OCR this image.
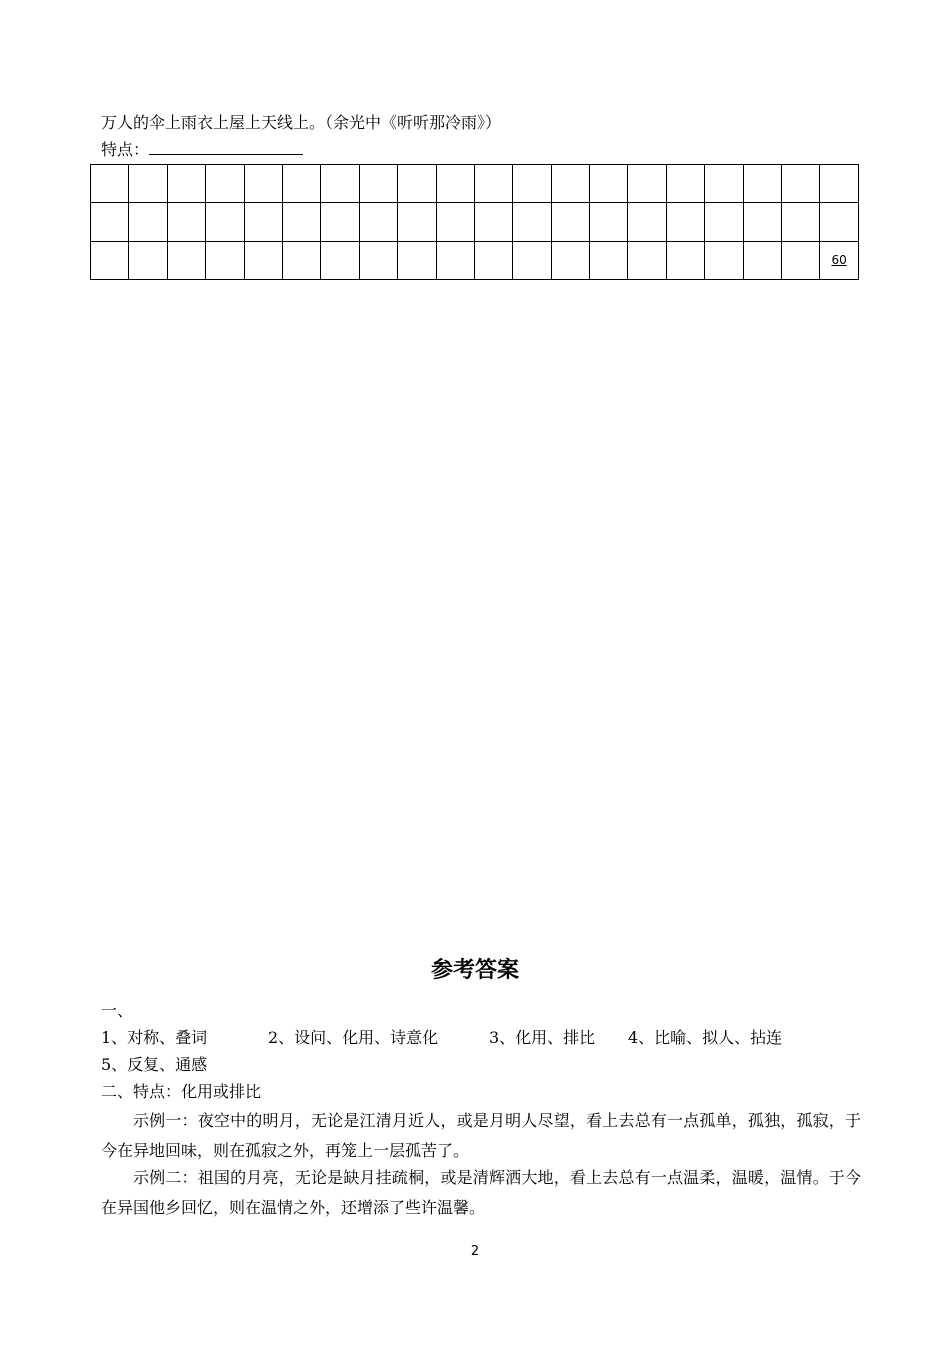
万人的伞上雨衣上屋上天线上。（余光中《听听那冷雨》）
特点：

																			60
参考答案
一、
1、对称、叠词	2、设问、化用、诗意化	3、化用、排比 4、比喻、拟人、拈连
5、反复、通感
二、特点：化用或排比
示例一：夜空中的明月，无论是江清月近人，或是月明人尽望，看上去总有一点孤单，孤独，孤寂，于今在异地回味，则在孤寂之外，再笼上一层孤苦了。
示例二：祖国的月亮，无论是缺月挂疏桐，或是清辉洒大地，看上去总有一点温柔，温暖，温情。于今在异国他乡回忆，则在温情之外，还增添了些许温馨。
2
